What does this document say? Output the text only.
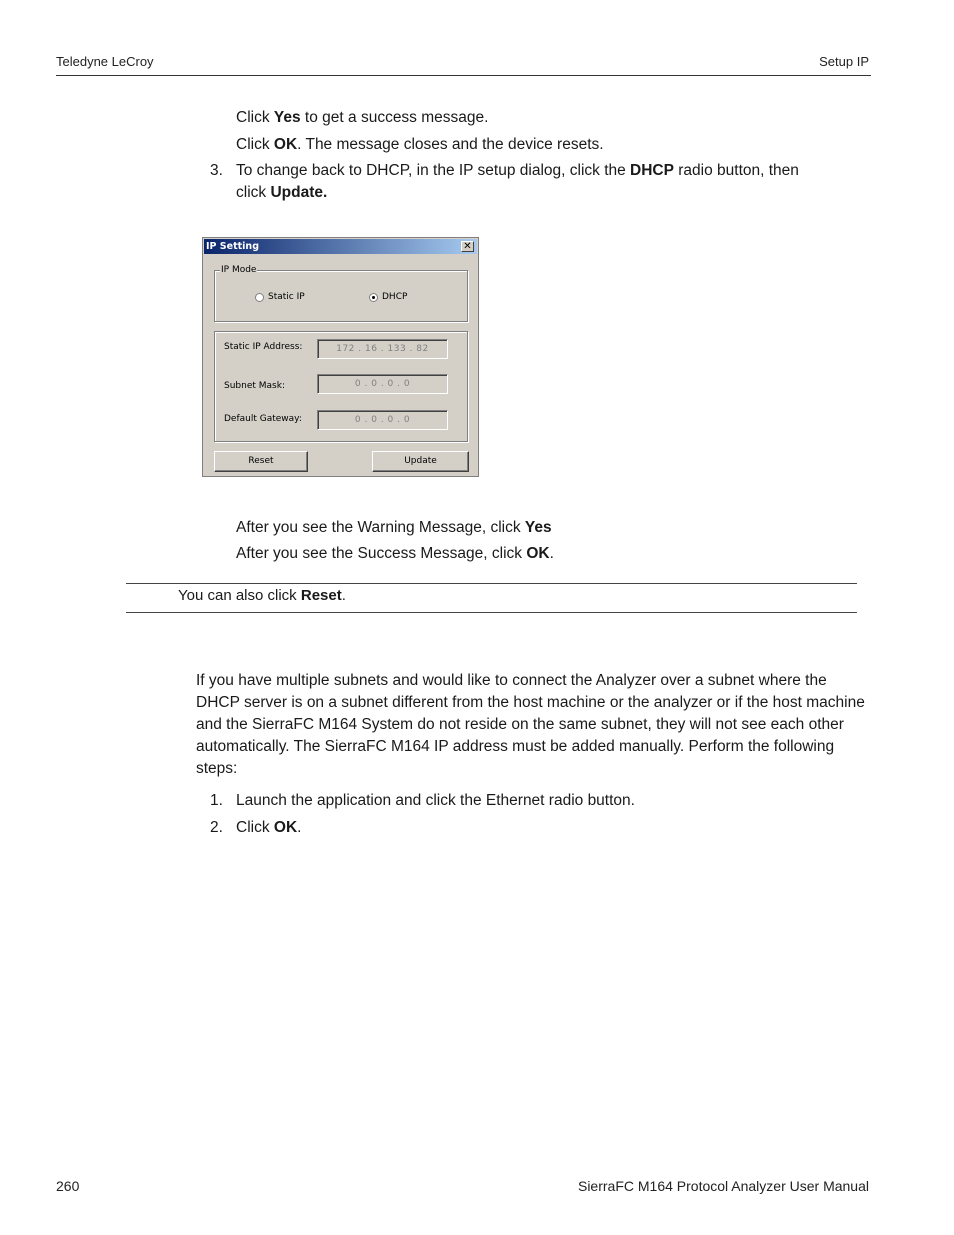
Teledyne LeCroy	Setup IP
Click Yes to get a success message.
Click OK. The message closes and the device resets.
3. To change back to DHCP, in the IP setup dialog, click the DHCP radio button, then
click Update.
IP Setting	✕
IP Mode
Static IP	DHCP
Static IP Address:	172 . 16 . 133 . 82
Subnet Mask:	0 . 0 . 0 . 0
Default Gateway:	0 . 0 . 0 . 0
Reset	Update
After you see the Warning Message, click Yes
After you see the Success Message, click OK.
You can also click Reset.
If you have multiple subnets and would like to connect the Analyzer over a subnet where the DHCP server is on a subnet different from the host machine or the analyzer or if the host machine and the SierraFC M164 System do not reside on the same subnet, they will not see each other automatically. The SierraFC M164 IP address must be added manually. Perform the following steps:
1. Launch the application and click the Ethernet radio button.
2. Click OK.
260	SierraFC M164 Protocol Analyzer User Manual
